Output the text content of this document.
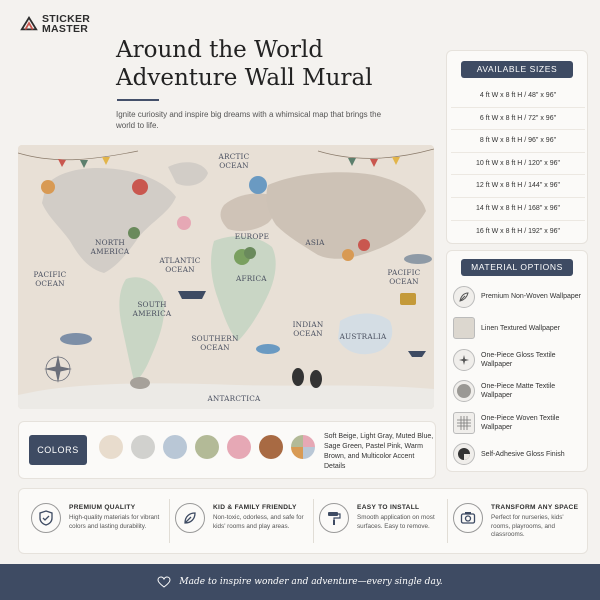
STICKER
MASTER
Around the World
Adventure Wall Mural

Ignite curiosity and inspire big dreams with a whimsical map that brings the world to life.

AVAILABLE SIZES
4 ft W x 8 ft H / 48" x 96"
6 ft W x 8 ft H / 72" x 96"
8 ft W x 8 ft H / 96" x 96"
10 ft W x 8 ft H / 120" x 96"
12 ft W x 8 ft H / 144" x 96"
14 ft W x 8 ft H / 168" x 96"
16 ft W x 8 ft H / 192" x 96"
MATERIAL OPTIONS
Premium Non-Woven Wallpaper
Linen Textured Wallpaper
One-Piece Gloss Textile Wallpaper
One-Piece Matte Textile Wallpaper
One-Piece Woven Textile Wallpaper
Self-Adhesive Gloss Finish
ARCTIC OCEAN
NORTH AMERICA
EUROPE
ASIA
ATLANTIC OCEAN
AFRICA
PACIFIC OCEAN
PACIFIC OCEAN
SOUTH AMERICA
SOUTHERN OCEAN
INDIAN OCEAN	AUSTRALIA
ANTARCTICA
COLORS
Soft Beige, Light Gray, Muted Blue, Sage Green, Pastel Pink, Warm Brown, and Multicolor Accent Details
PREMIUM QUALITY
High-quality materials for vibrant colors and lasting durability.
KID & FAMILY FRIENDLY
Non-toxic, odorless, and safe for kids' rooms and play areas.
EASY TO INSTALL
Smooth application on most surfaces. Easy to remove.
TRANSFORM ANY SPACE
Perfect for nurseries, kids' rooms, playrooms, and classrooms.
Made to inspire wonder and adventure—every single day.
